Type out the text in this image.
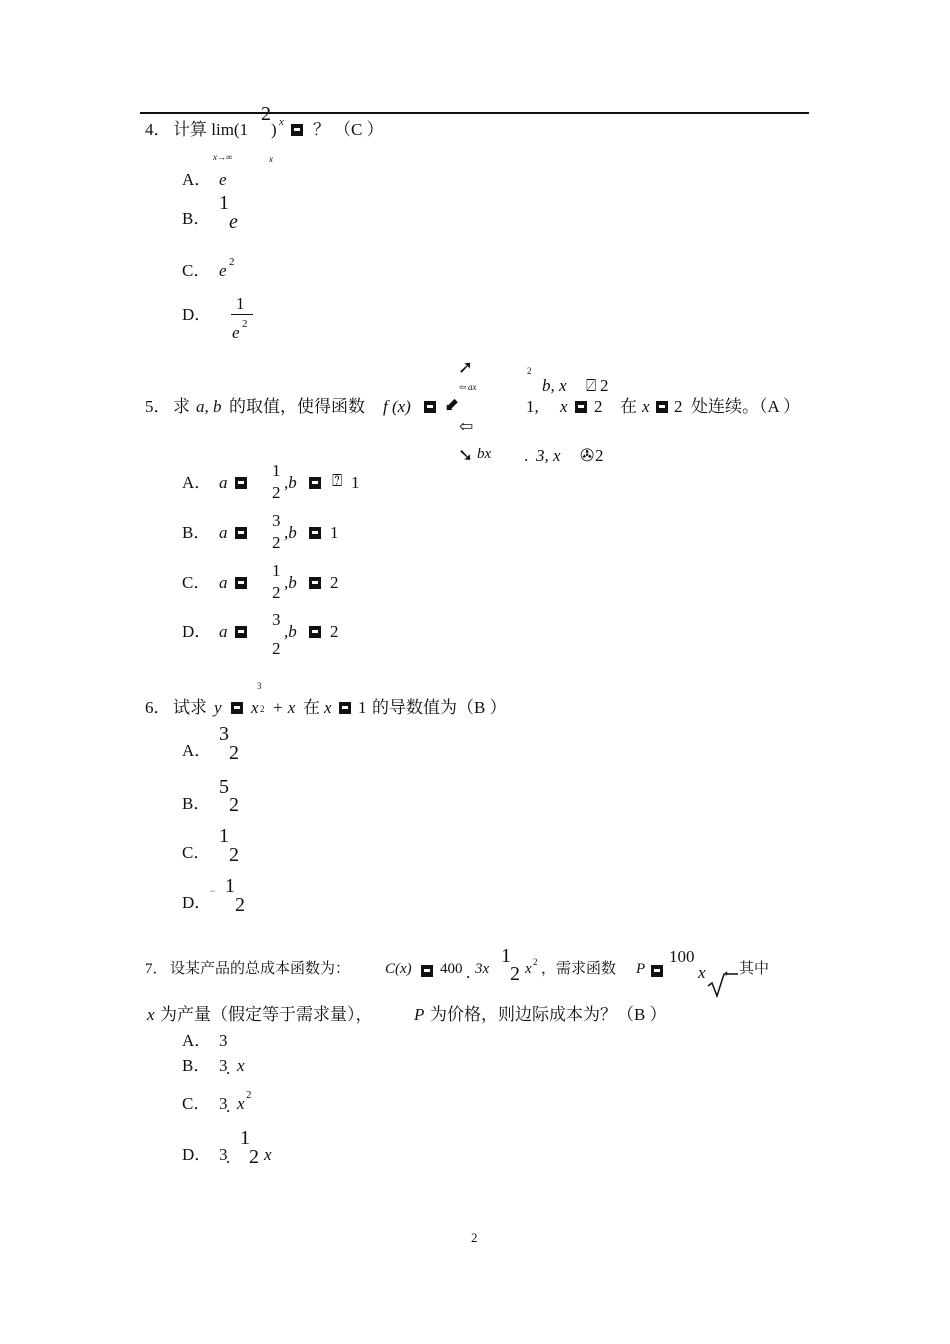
4． 计算 lim(1
2
) x ？ （C ）
x→∞	x
A． e
B．
1
e
C． e 2
D．
1
e 2
➚
⇦ ax
2
b, x ⍁ 2
5． 求 a, b 的取值，使得函数 f (x) ⬋	1, x 2 在 x 2 处连续。（A ）
⇦
➘ bx . 3, x ✇ 2
A． a
1
2
,b ⍰ 1
B． a
3
2
,b 1
C． a
1
2
,b 2
D． a
3
2
,b 2
3
6． 试求 y x 2 + x 在 x 1 的导数值为（B ）
A．
3
2
B．
5
2
C．
1
2
D．
− 1
2
1	100
7． 设某产品的总成本函数为： C(x) 400 . 3x 2 x 2 ，需求函数 P	x ，其中
x 为产量（假定等于需求量）， P 为价格，则边际成本为？（B ）
A． 3
B． 3
. x
C． 3
. x 2
D． 3
.
1
2 x
2
